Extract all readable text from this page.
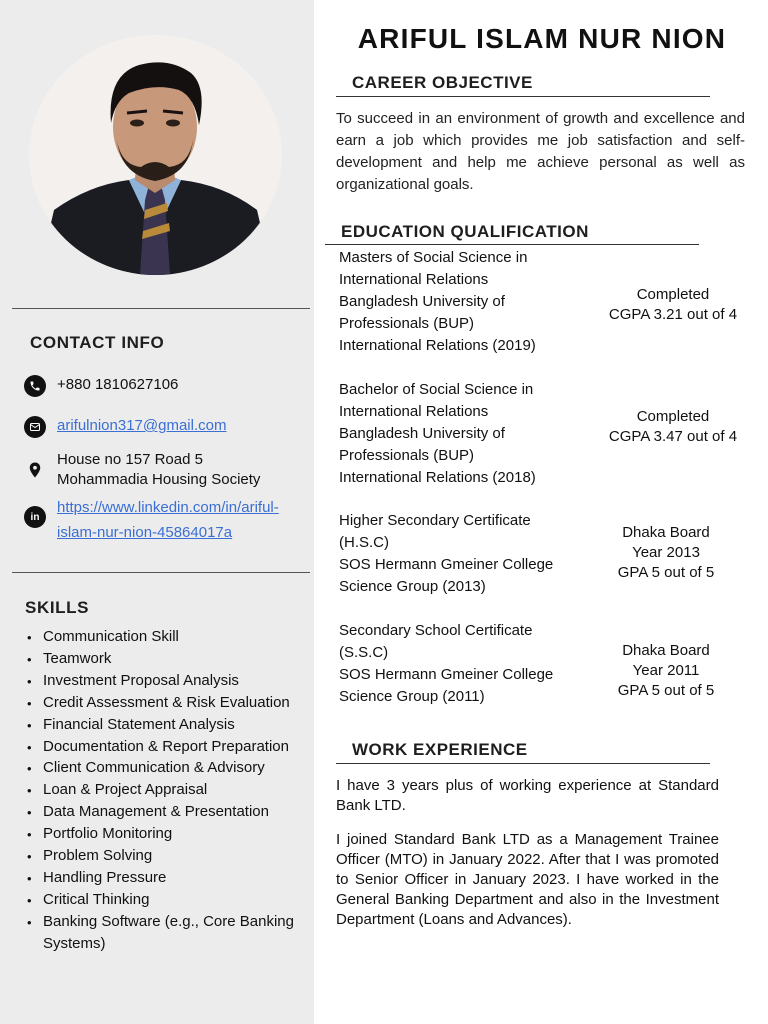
CONTACT INFO
+880 1810627106
arifulnion317@gmail.com
House no 157 Road 5
Mohammadia Housing Society
in
https://www.linkedin.com/in/ariful-
islam-nur-nion-45864017a
SKILLS
• Communication Skill
• Teamwork
• Investment Proposal Analysis
• Credit Assessment & Risk Evaluation
• Financial Statement Analysis
• Documentation & Report Preparation
• Client Communication & Advisory
• Loan & Project Appraisal
• Data Management & Presentation
• Portfolio Monitoring
• Problem Solving
• Handling Pressure
• Critical Thinking
• Banking Software (e.g., Core Banking Systems)
ARIFUL ISLAM NUR NION
CAREER OBJECTIVE
To succeed in an environment of growth and excellence and earn a job which provides me job satisfaction and self-development and help me achieve personal as well as organizational goals.
EDUCATION QUALIFICATION
Masters of Social Science in
International Relations
Bangladesh University of
Professionals (BUP)
International Relations (2019)
Completed
CGPA 3.21 out of 4
Bachelor of Social Science in
International Relations
Bangladesh University of
Professionals (BUP)
International Relations (2018)
Completed
CGPA 3.47 out of 4
Higher Secondary Certificate
(H.S.C)
SOS Hermann Gmeiner College
Science Group (2013)
Dhaka Board
Year 2013
GPA 5 out of 5
Secondary School Certificate
(S.S.C)
SOS Hermann Gmeiner College
Science Group (2011)
Dhaka Board
Year 2011
GPA 5 out of 5
WORK EXPERIENCE
I have 3 years plus of working experience at Standard Bank LTD.
I joined Standard Bank LTD as a Management Trainee Officer (MTO) in January 2022. After that I was promoted to Senior Officer in January 2023. I have worked in the General Banking Department and also in the Investment Department (Loans and Advances).
